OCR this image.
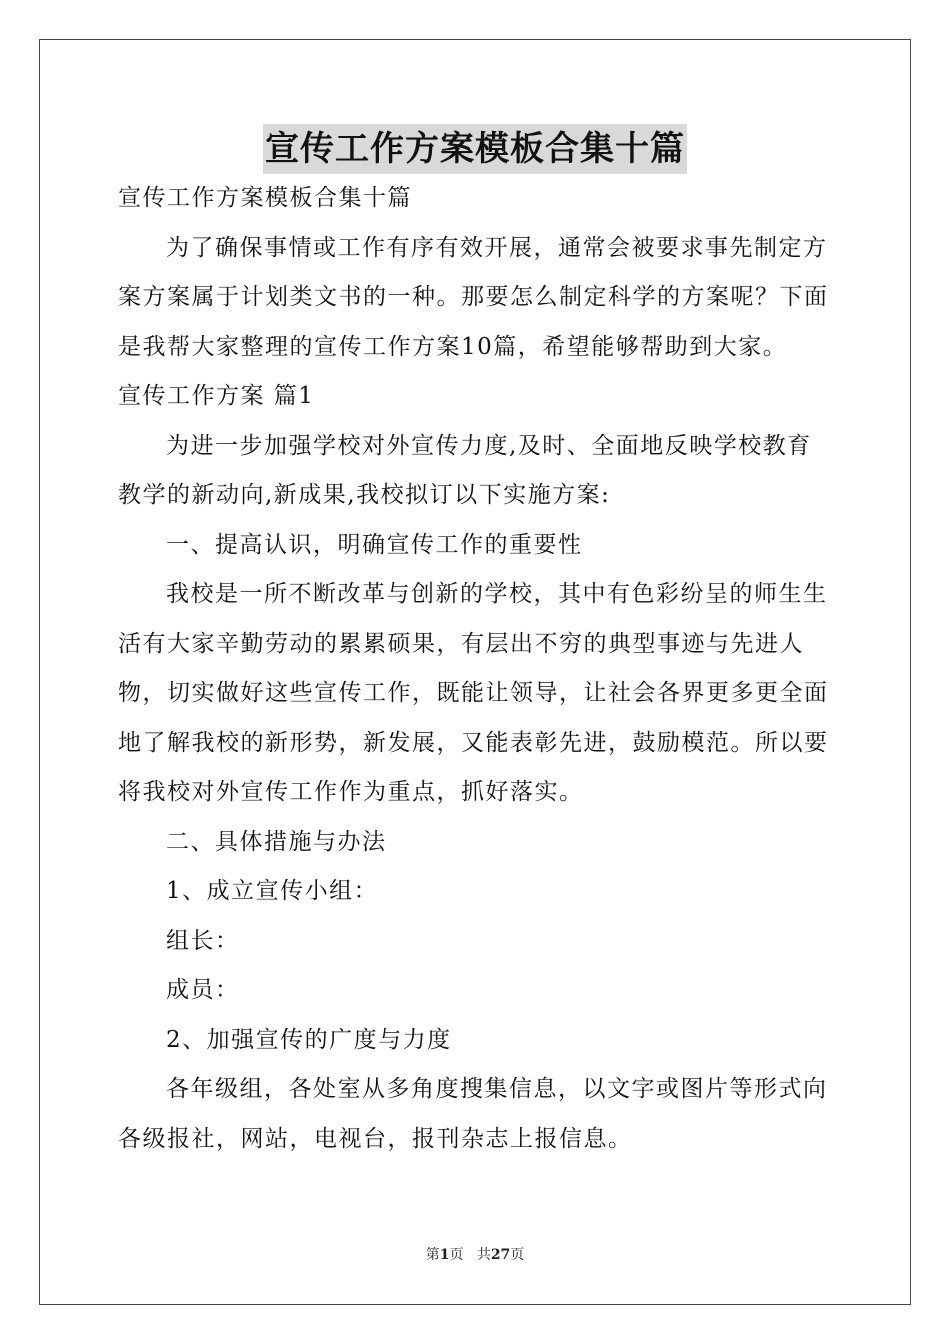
宣传工作方案模板合集十篇

宣传工作方案模板合集十篇

为了确保事情或工作有序有效开展，通常会被要求事先制定方案方案属于计划类文书的一种。那要怎么制定科学的方案呢？下面是我帮大家整理的宣传工作方案10篇，希望能够帮助到大家。

宣传工作方案 篇1

为进一步加强学校对外宣传力度,及时、全面地反映学校教育教学的新动向,新成果,我校拟订以下实施方案:

一、提高认识，明确宣传工作的重要性

我校是一所不断改革与创新的学校，其中有色彩纷呈的师生生活有大家辛勤劳动的累累硕果，有层出不穷的典型事迹与先进人物，切实做好这些宣传工作，既能让领导，让社会各界更多更全面地了解我校的新形势，新发展，又能表彰先进，鼓励模范。所以要将我校对外宣传工作作为重点，抓好落实。

二、具体措施与办法

1、成立宣传小组：

组长：

成员：

2、加强宣传的广度与力度

各年级组，各处室从多角度搜集信息，以文字或图片等形式向各级报社，网站，电视台，报刊杂志上报信息。

第1页 共27页
